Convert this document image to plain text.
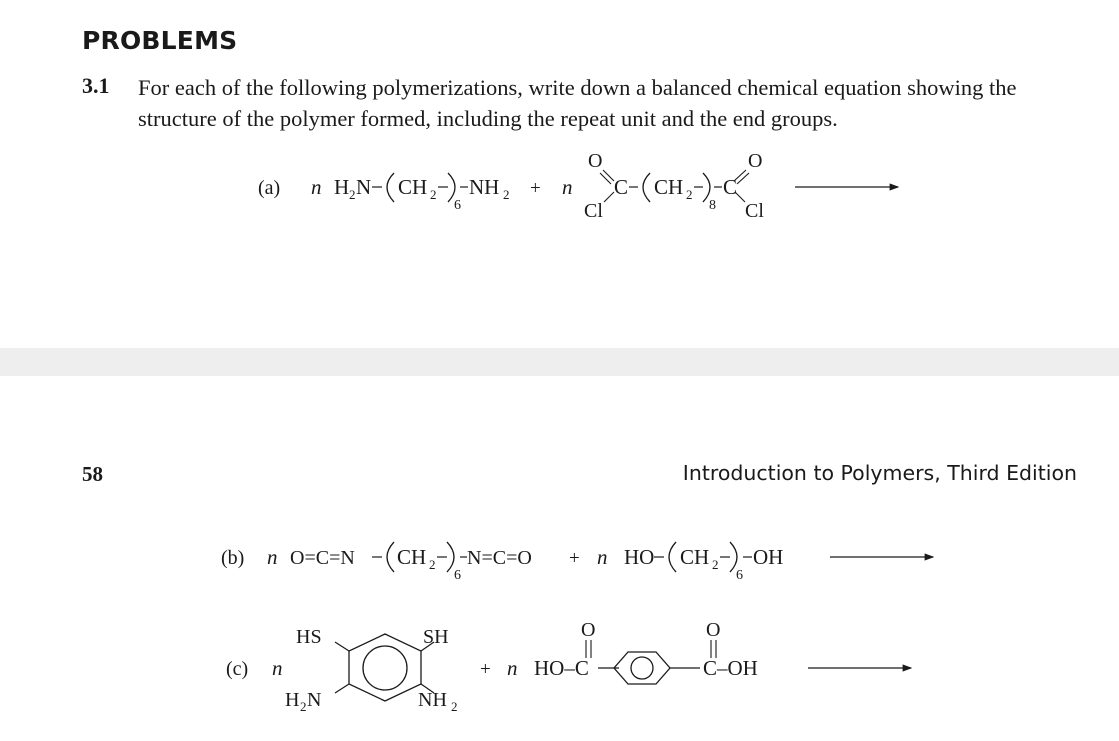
PROBLEMS
3.1 For each of the following polymerizations, write down a balanced chemical equation showing the structure of the polymer formed, including the repeat unit and the end groups.
(a) n H 2 N CH 2
6
NH 2 + n
O
C
Cl
CH 2
8
C
O
Cl
58	Introduction to Polymers, Third Edition
(b) n O=C=N CH 2
6
N=C=O + n HO CH 2
6
OH
(c) n
HS	SH
H 2 N	NH 2
+ n HO–C
O
C–OH
O
